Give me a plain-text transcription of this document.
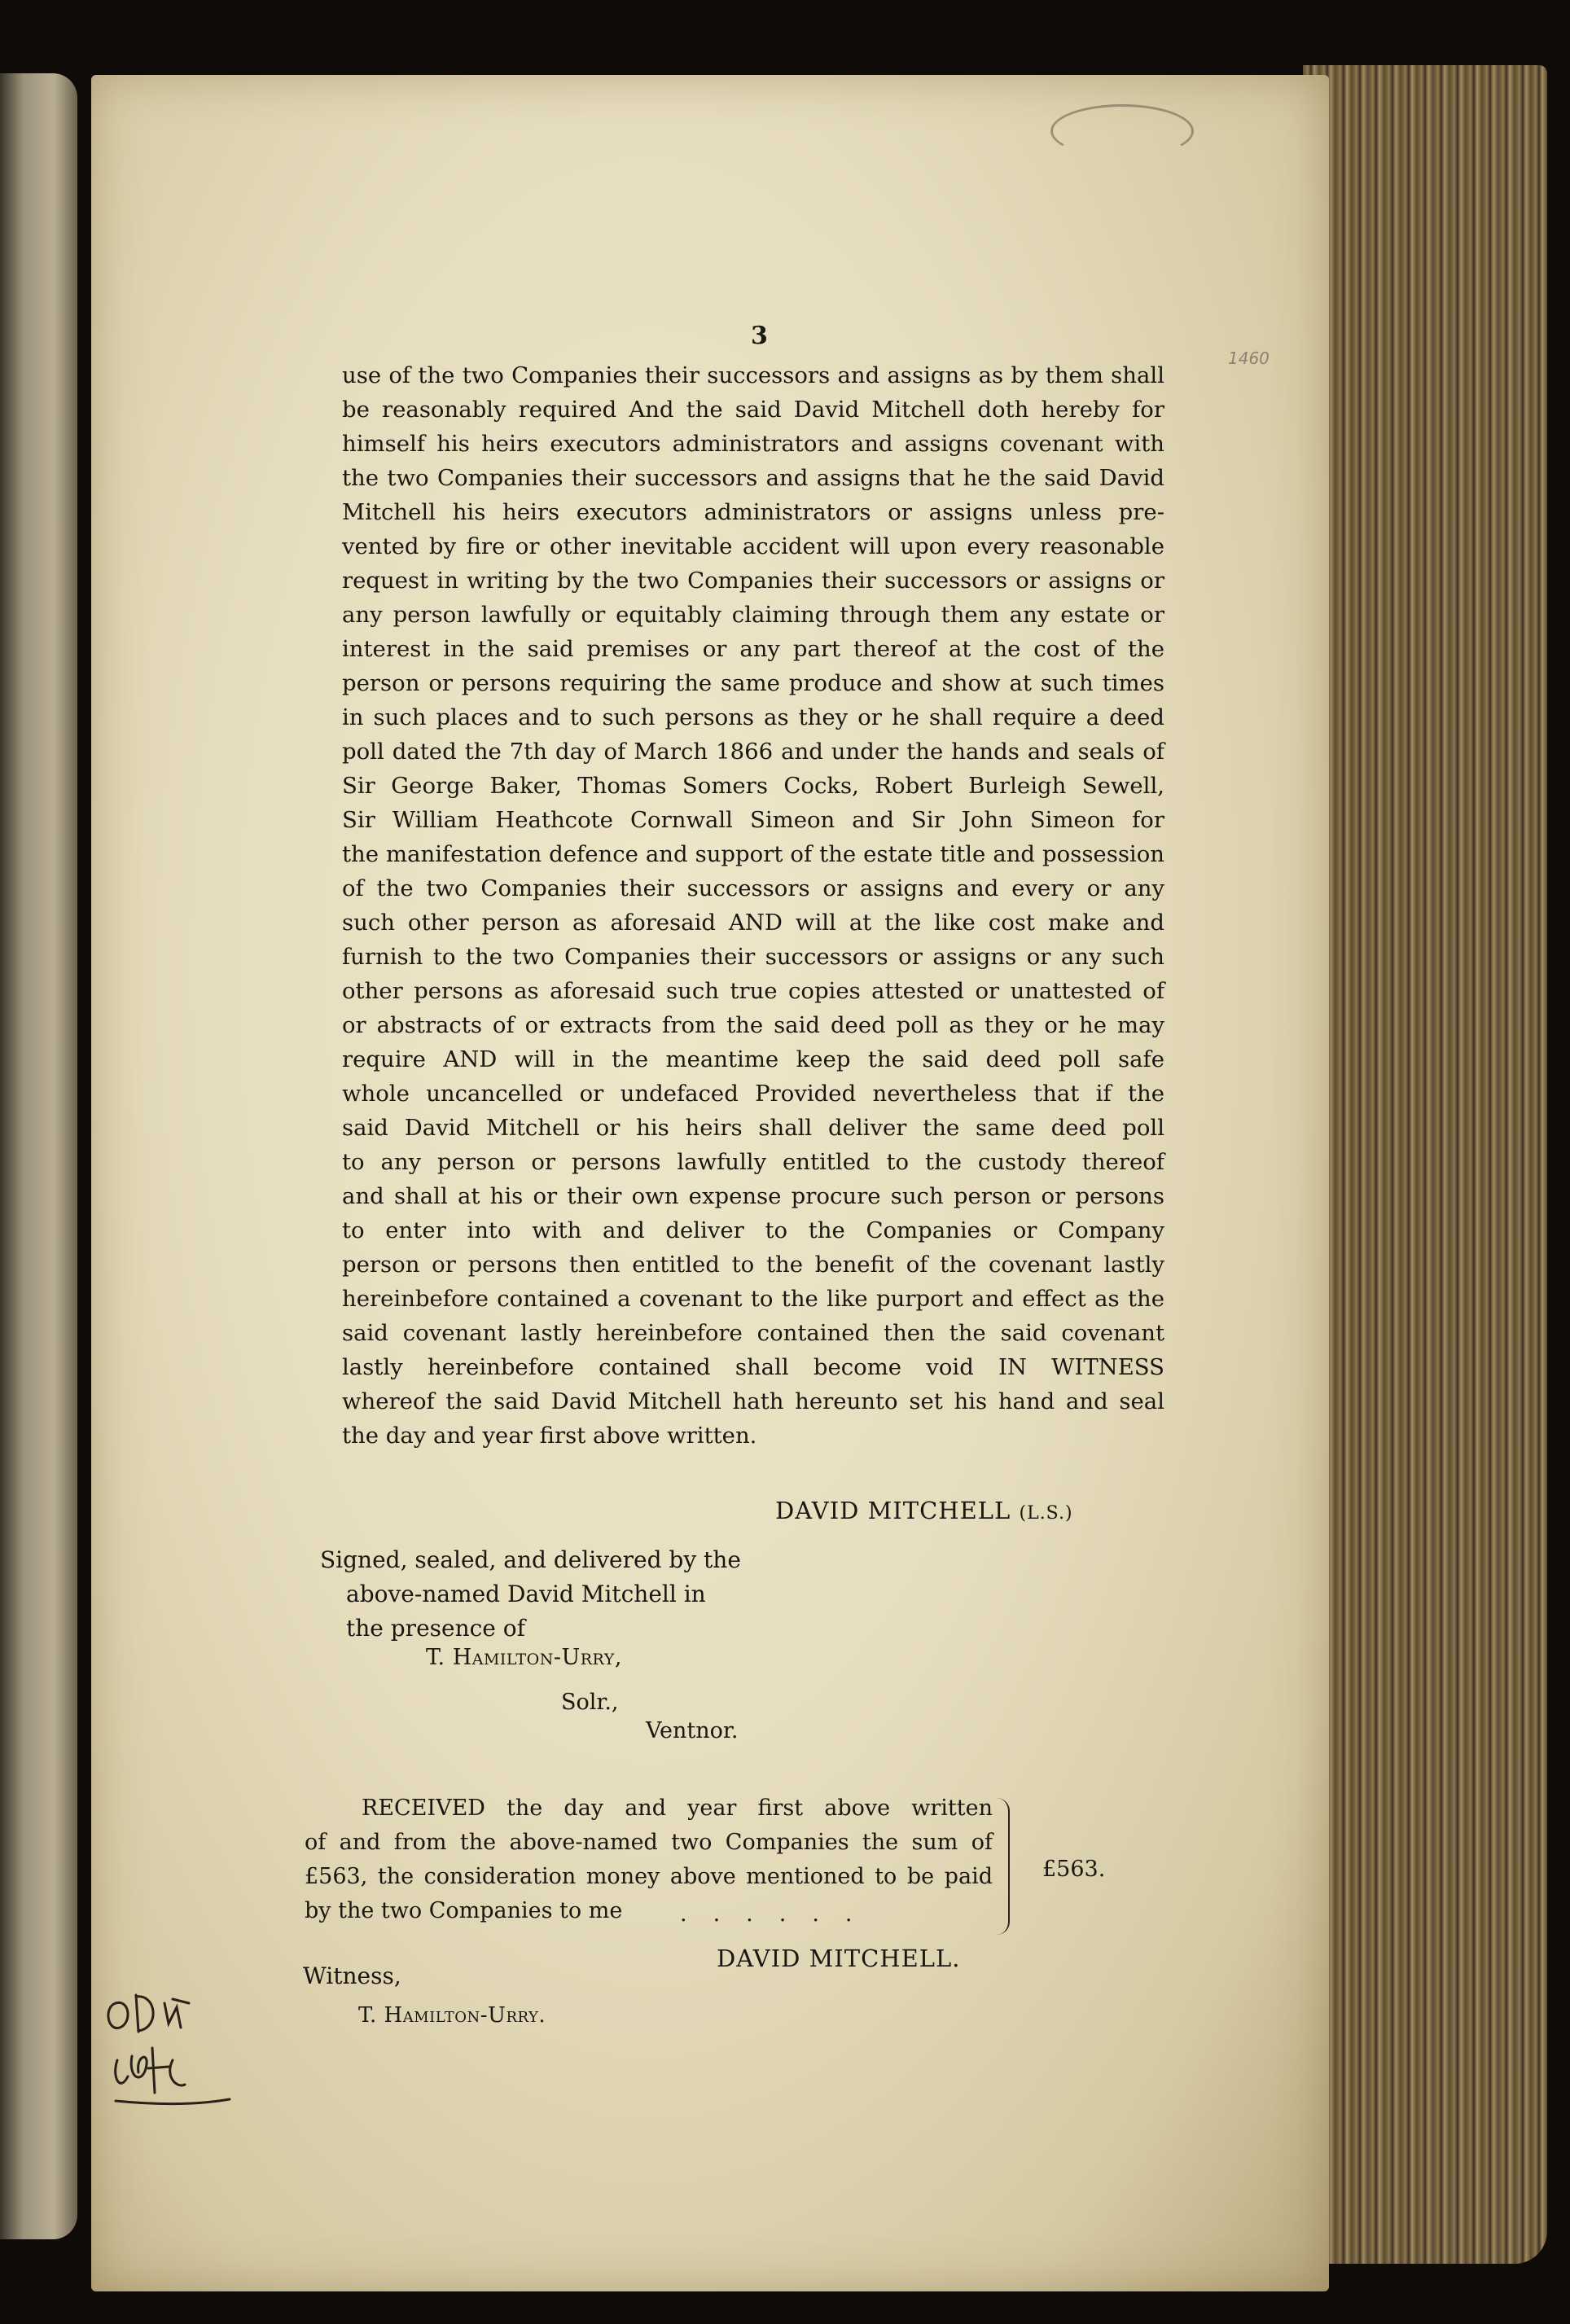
1460
3
use of the two Companies their successors and assigns as by them shall
be reasonably required And the said David Mitchell doth hereby for
himself his heirs executors administrators and assigns covenant with
the two Companies their successors and assigns that he the said David
Mitchell his heirs executors administrators or assigns unless pre-
vented by fire or other inevitable accident will upon every reasonable
request in writing by the two Companies their successors or assigns or
any person lawfully or equitably claiming through them any estate or
interest in the said premises or any part thereof at the cost of the
person or persons requiring the same produce and show at such times
in such places and to such persons as they or he shall require a deed
poll dated the 7th day of March 1866 and under the hands and seals of
Sir George Baker, Thomas Somers Cocks, Robert Burleigh Sewell,
Sir William Heathcote Cornwall Simeon and Sir John Simeon for
the manifestation defence and support of the estate title and possession
of the two Companies their successors or assigns and every or any
such other person as aforesaid AND will at the like cost make and
furnish to the two Companies their successors or assigns or any such
other persons as aforesaid such true copies attested or unattested of
or abstracts of or extracts from the said deed poll as they or he may
require AND will in the meantime keep the said deed poll safe
whole uncancelled or undefaced Provided nevertheless that if the
said David Mitchell or his heirs shall deliver the same deed poll
to any person or persons lawfully entitled to the custody thereof
and shall at his or their own expense procure such person or persons
to enter into with and deliver to the Companies or Company
person or persons then entitled to the benefit of the covenant lastly
hereinbefore contained a covenant to the like purport and effect as the
said covenant lastly hereinbefore contained then the said covenant
lastly hereinbefore contained shall become void IN WITNESS
whereof the said David Mitchell hath hereunto set his hand and seal
the day and year first above written.
DAVID MITCHELL (L.S.)
Signed, sealed, and delivered by the
above-named David Mitchell in
the presence of
T. Hamilton-Urry,
Solr.,
Ventnor.
RECEIVED the day and year first above written
of and from the above-named two Companies the sum of
£563, the consideration money above mentioned to be paid
by the two Companies to me	......
£563.
DAVID MITCHELL.
Witness,
T. Hamilton-Urry.
